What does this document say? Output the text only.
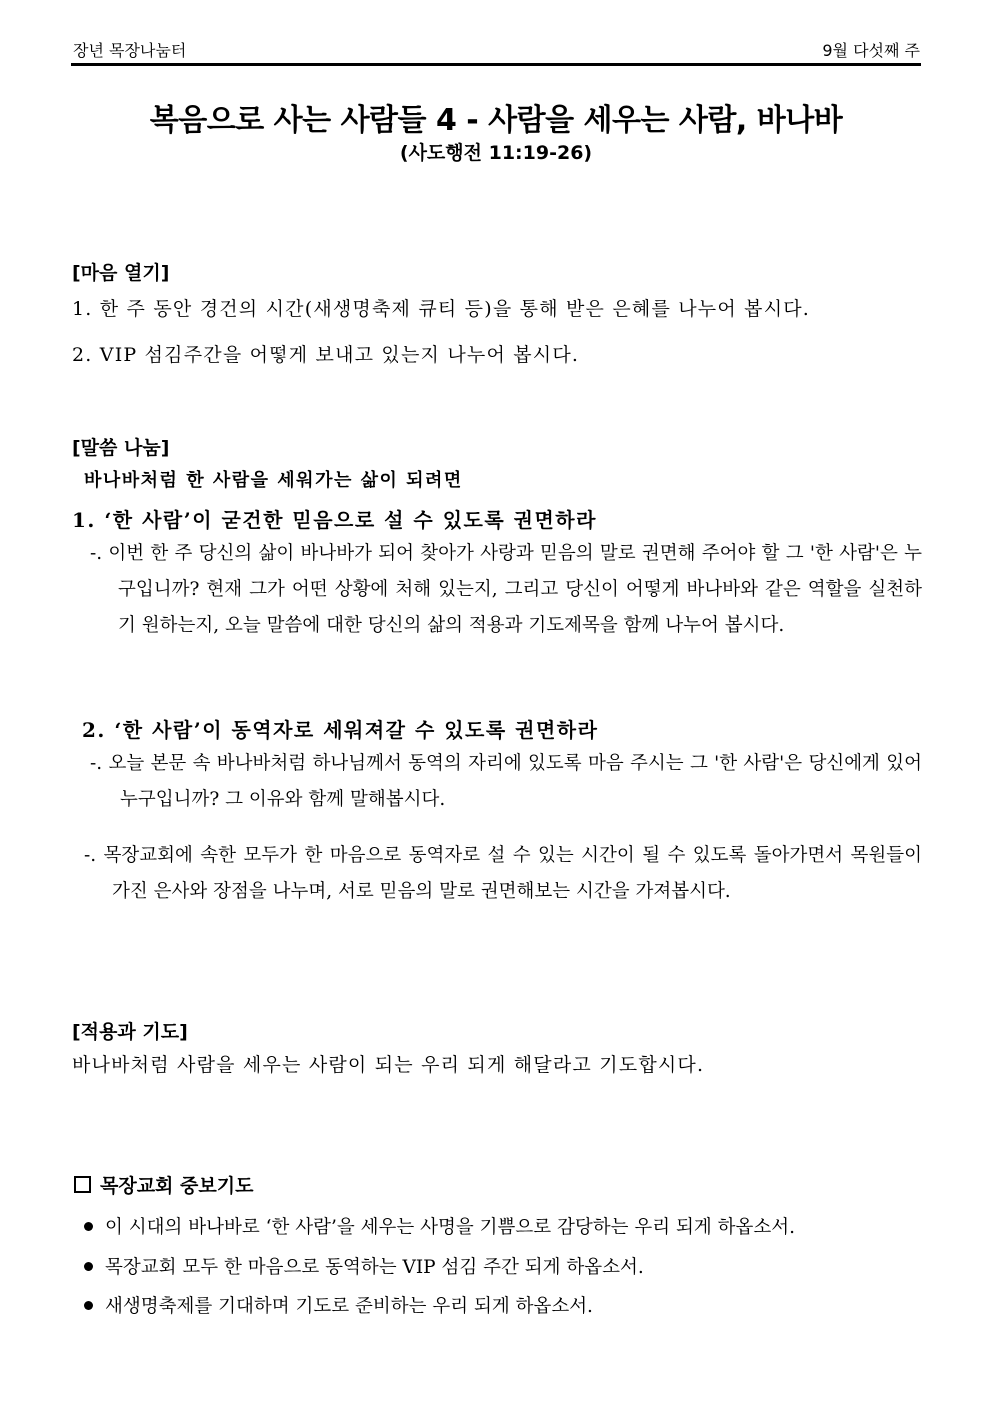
장년 목장나눔터	9월 다섯째 주
복음으로 사는 사람들 4 - 사람을 세우는 사람, 바나바
(사도행전 11:19-26)
[마음 열기]
1. 한 주 동안 경건의 시간(새생명축제 큐티 등)을 통해 받은 은혜를 나누어 봅시다.
2. VIP 섬김주간을 어떻게 보내고 있는지 나누어 봅시다.
[말씀 나눔]
바나바처럼 한 사람을 세워가는 삶이 되려면
1. ‘한 사람’이 굳건한 믿음으로 설 수 있도록 권면하라
-. 이번 한 주 당신의 삶이 바나바가 되어 찾아가 사랑과 믿음의 말로 권면해 주어야 할 그 '한 사람'은 누구입니까? 현재 그가 어떤 상황에 처해 있는지, 그리고 당신이 어떻게 바나바와 같은 역할을 실천하기 원하는지, 오늘 말씀에 대한 당신의 삶의 적용과 기도제목을 함께 나누어 봅시다.
2. ‘한 사람’이 동역자로 세워져갈 수 있도록 권면하라
-. 오늘 본문 속 바나바처럼 하나님께서 동역의 자리에 있도록 마음 주시는 그 '한 사람'은 당신에게 있어 누구입니까? 그 이유와 함께 말해봅시다.
-. 목장교회에 속한 모두가 한 마음으로 동역자로 설 수 있는 시간이 될 수 있도록 돌아가면서 목원들이 가진 은사와 장점을 나누며, 서로 믿음의 말로 권면해보는 시간을 가져봅시다.
[적용과 기도]
바나바처럼 사람을 세우는 사람이 되는 우리 되게 해달라고 기도합시다.
목장교회 중보기도
이 시대의 바나바로 ‘한 사람’을 세우는 사명을 기쁨으로 감당하는 우리 되게 하옵소서.
목장교회 모두 한 마음으로 동역하는 VIP 섬김 주간 되게 하옵소서.
새생명축제를 기대하며 기도로 준비하는 우리 되게 하옵소서.
